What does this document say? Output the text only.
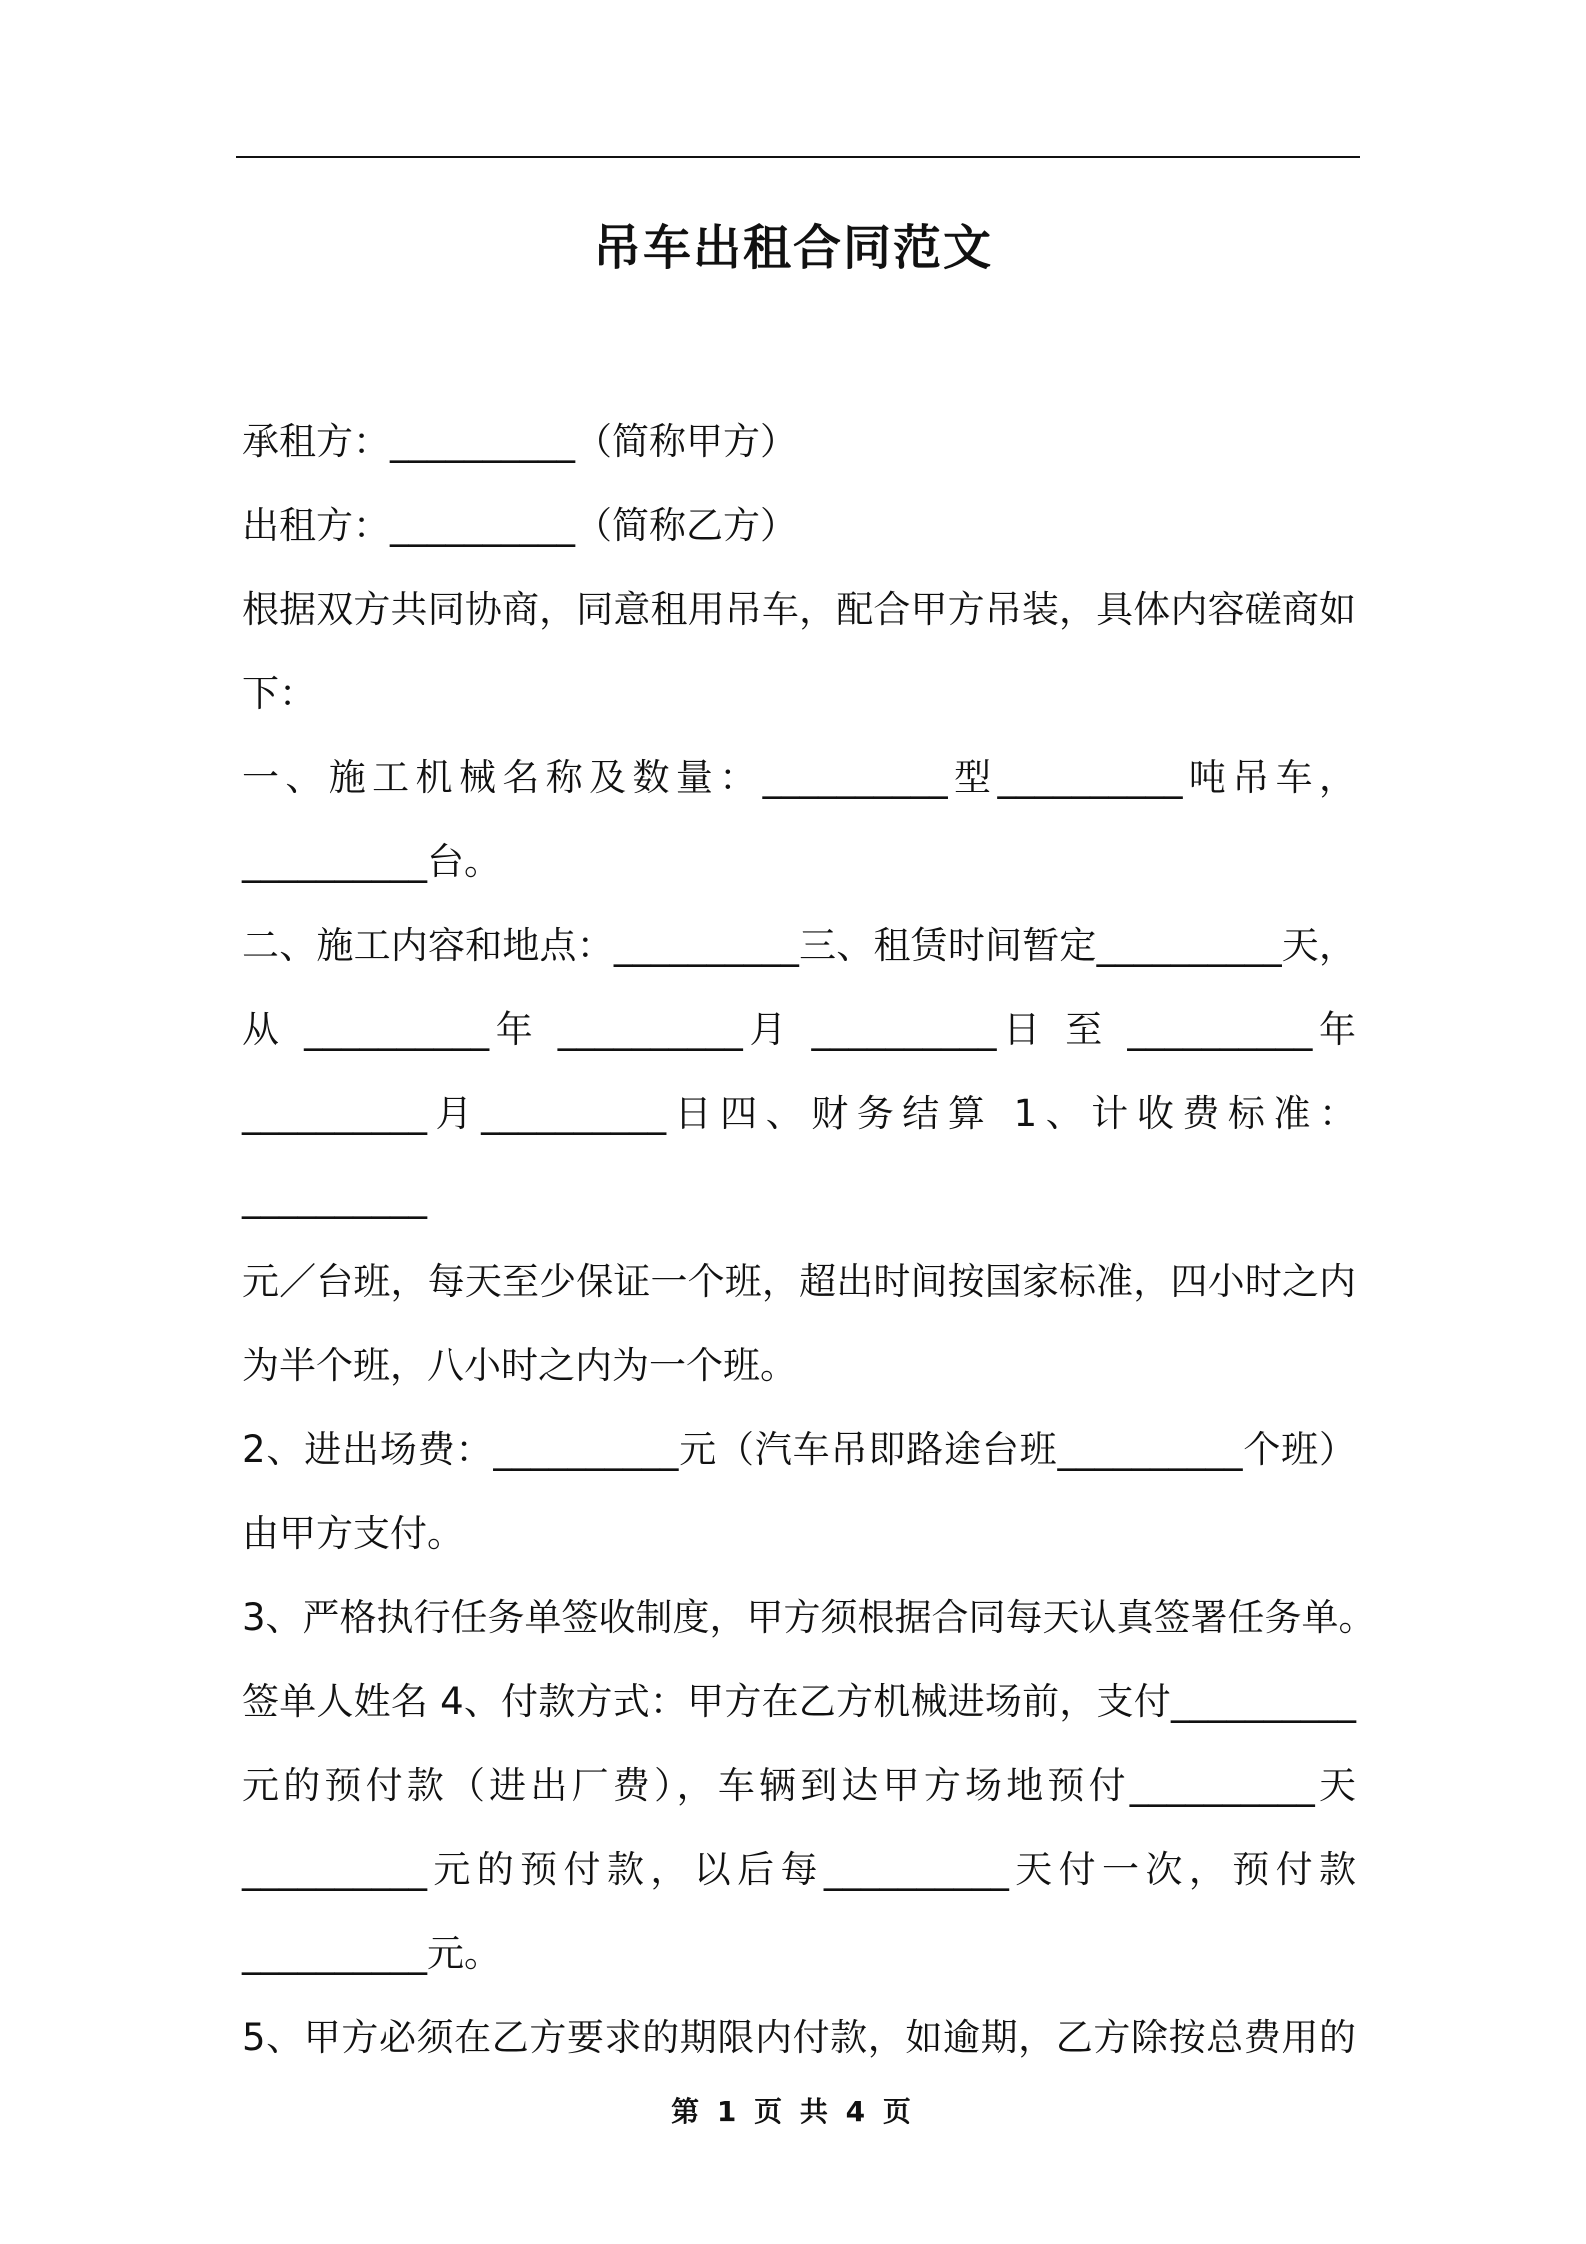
吊车出租合同范文

承租方：__________（简称甲方）

出租方：__________（简称乙方）

根据双方共同协商，同意租用吊车，配合甲方吊装，具体内容磋商如

下：

一、施工机械名称及数量：__________型__________吨吊车，

__________台。

二、施工内容和地点：__________三、租赁时间暂定__________天，

从 __________年 __________月 __________日 至 __________年

__________月__________日四、财务结算 1、计收费标准：__________

元／台班，每天至少保证一个班，超出时间按国家标准，四小时之内

为半个班，八小时之内为一个班。

2、进出场费：__________元（汽车吊即路途台班__________个班）

由甲方支付。

3、严格执行任务单签收制度，甲方须根据合同每天认真签署任务单。

签单人姓名 4、付款方式：甲方在乙方机械进场前，支付__________

元的预付款（进出厂费），车辆到达甲方场地预付__________天

__________元的预付款，以后每__________天付一次，预付款

__________元。

5、甲方必须在乙方要求的期限内付款，如逾期，乙方除按总费用的

第 1 页 共 4 页
